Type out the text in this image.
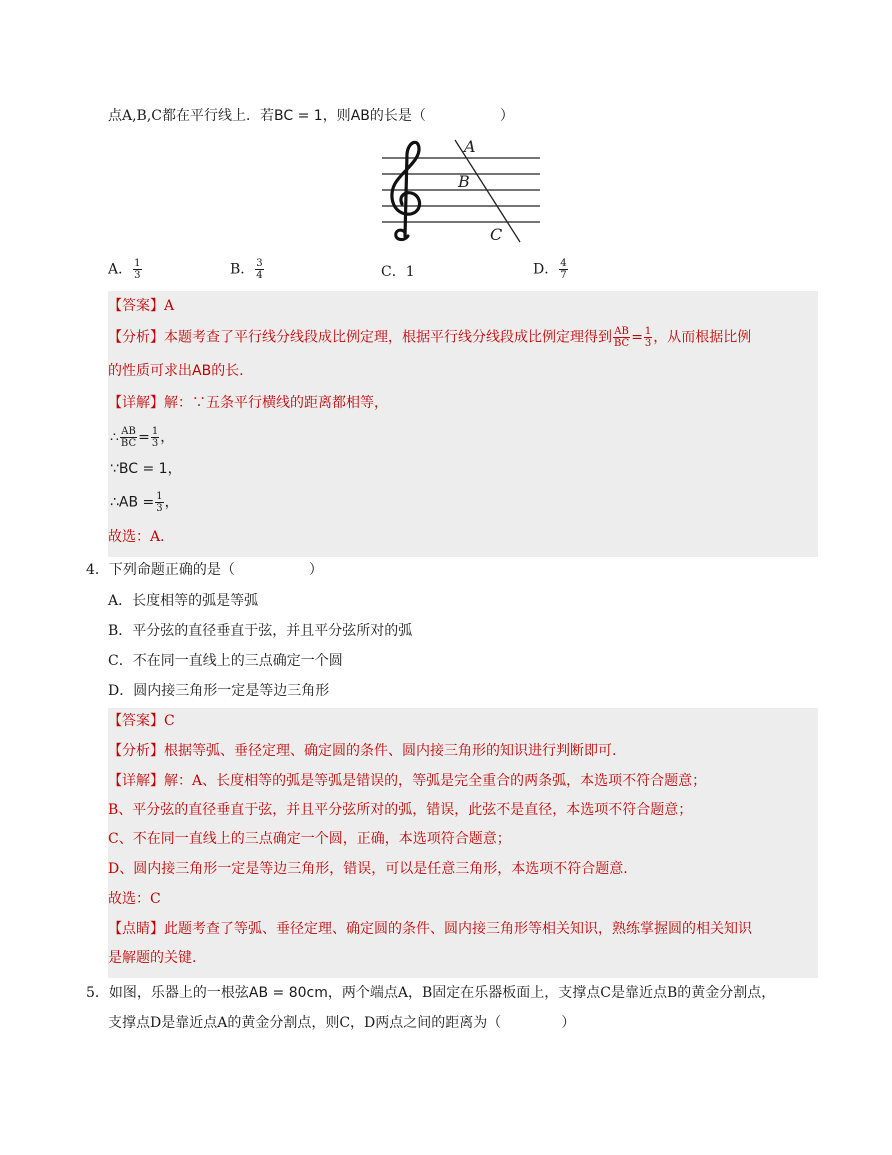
点A,B,C都在平行线上．若BC = 1，则AB的长是（	）
A
B
C
A． $\frac{1}{3}$	B． $\frac{3}{4}$	C．1	D． $\frac{4}{7}$
【答案】A
【分析】本题考查了平行线分线段成比例定理，根据平行线分线段成比例定理得到 $\frac{AB}{BC} = \frac{1}{3}$ ，从而根据比例
的性质可求出AB的长.
【详解】解：∵五条平行横线的距离都相等，
∴ $\frac{AB}{BC} = \frac{1}{3}$ ，
∵BC = 1，
∴AB = $\frac{1}{3}$ ，
故选：A．
4．下列命题正确的是（	）
A．长度相等的弧是等弧
B．平分弦的直径垂直于弦，并且平分弦所对的弧
C．不在同一直线上的三点确定一个圆
D．圆内接三角形一定是等边三角形
【答案】C
【分析】根据等弧、垂径定理、确定圆的条件、圆内接三角形的知识进行判断即可.
【详解】解：A、长度相等的弧是等弧是错误的，等弧是完全重合的两条弧，本选项不符合题意；
B、平分弦的直径垂直于弦，并且平分弦所对的弧，错误，此弦不是直径，本选项不符合题意；
C、不在同一直线上的三点确定一个圆，正确，本选项符合题意；
D、圆内接三角形一定是等边三角形，错误，可以是任意三角形，本选项不符合题意.
故选：C
【点睛】此题考查了等弧、垂径定理、确定圆的条件、圆内接三角形等相关知识，熟练掌握圆的相关知识
是解题的关键.
5．如图，乐器上的一根弦AB = 80cm，两个端点A，B固定在乐器板面上，支撑点C是靠近点B的黄金分割点，
支撑点D是靠近点A的黄金分割点，则C，D两点之间的距离为（	）
